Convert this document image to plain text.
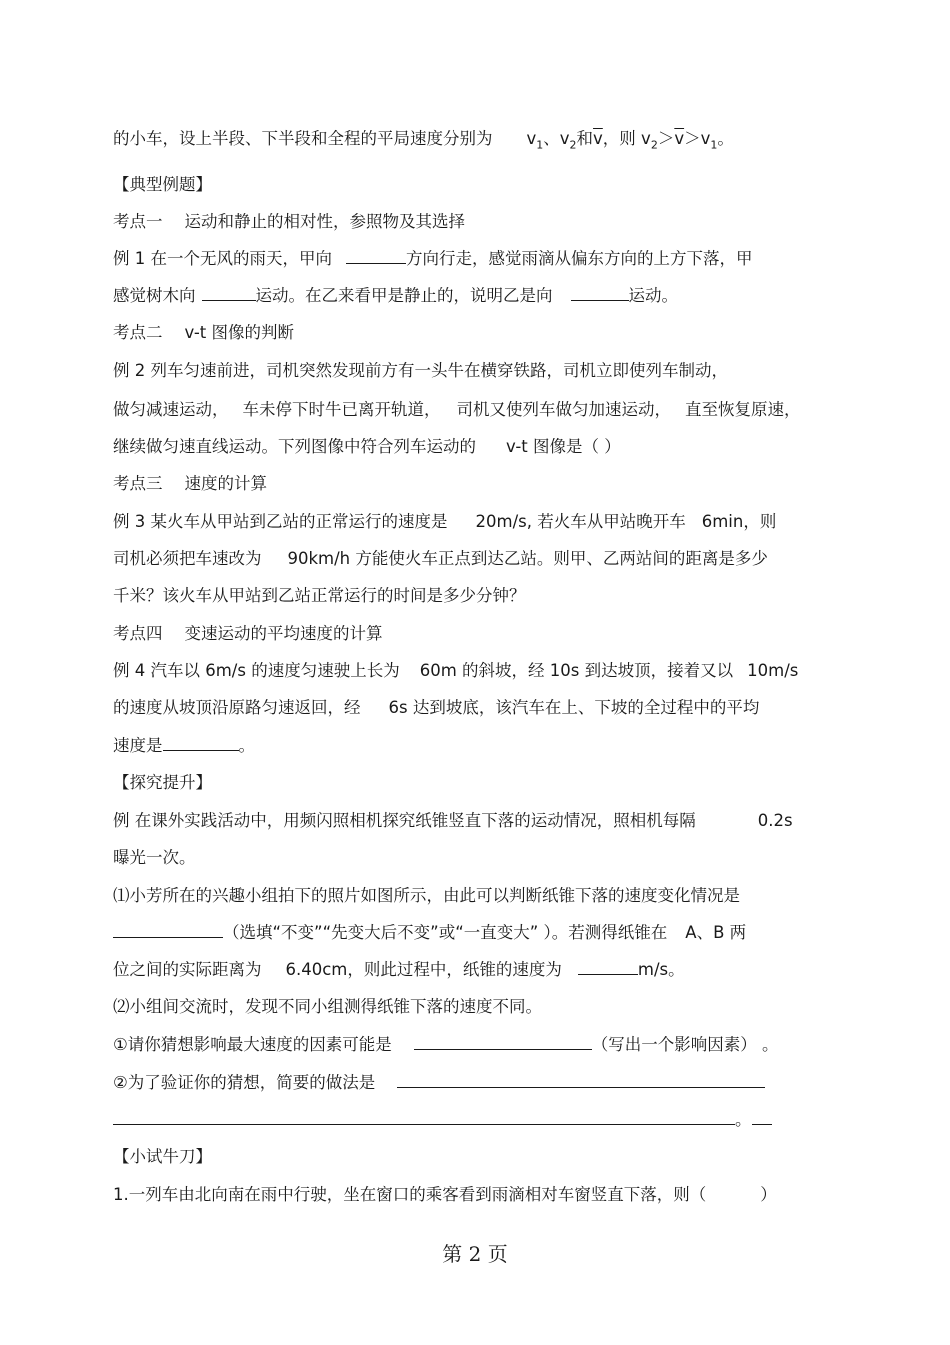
的小车，设上半段、下半段和全程的平局速度分别为 $v_1$、$v_2$和$\overline{v}$，则 $v_2>\overline{v}>v_1$。
【典型例题】
考点一 运动和静止的相对性，参照物及其选择
例 1 在一个无风的雨天，甲向	方向行走，感觉雨滴从偏东方向的上方下落，甲
感觉树木向	运动。在乙来看甲是静止的，说明乙是向	运动。
考点二 v-t 图像的判断
例 2 列车匀速前进，司机突然发现前方有一头牛在横穿铁路，司机立即使列车制动，
做匀减速运动， 车未停下时牛已离开轨道， 司机又使列车做匀加速运动， 直至恢复原速，
继续做匀速直线运动。下列图像中符合列车运动的 v-t 图像是（ ）
考点三 速度的计算
例 3 某火车从甲站到乙站的正常运行的速度是 20m/s, 若火车从甲站晚开车 6min，则
司机必须把车速改为 90km/h 方能使火车正点到达乙站。则甲、乙两站间的距离是多少
千米？该火车从甲站到乙站正常运行的时间是多少分钟？
考点四 变速运动的平均速度的计算
例 4 汽车以 6m/s 的速度匀速驶上长为 60m 的斜坡，经 10s 到达坡顶，接着又以 10m/s
的速度从坡顶沿原路匀速返回，经 6s 达到坡底，该汽车在上、下坡的全过程中的平均
速度是	。
【探究提升】
例 在课外实践活动中，用频闪照相机探究纸锥竖直下落的运动情况，照相机每隔	0.2s
曝光一次。
⑴小芳所在的兴趣小组拍下的照片如图所示，由此可以判断纸锥下落的速度变化情况是
（选填“不变”“先变大后不变”或“一直变大” ）。若测得纸锥在 A、B 两
位之间的实际距离为 6.40cm，则此过程中，纸锥的速度为	m/s。
⑵小组间交流时，发现不同小组测得纸锥下落的速度不同。
①请你猜想影响最大速度的因素可能是	（写出一个影响因素） 。
②为了验证你的猜想，简要的做法是
。
【小试牛刀】
1.一列车由北向南在雨中行驶，坐在窗口的乘客看到雨滴相对车窗竖直下落，则（	）
第 2 页
